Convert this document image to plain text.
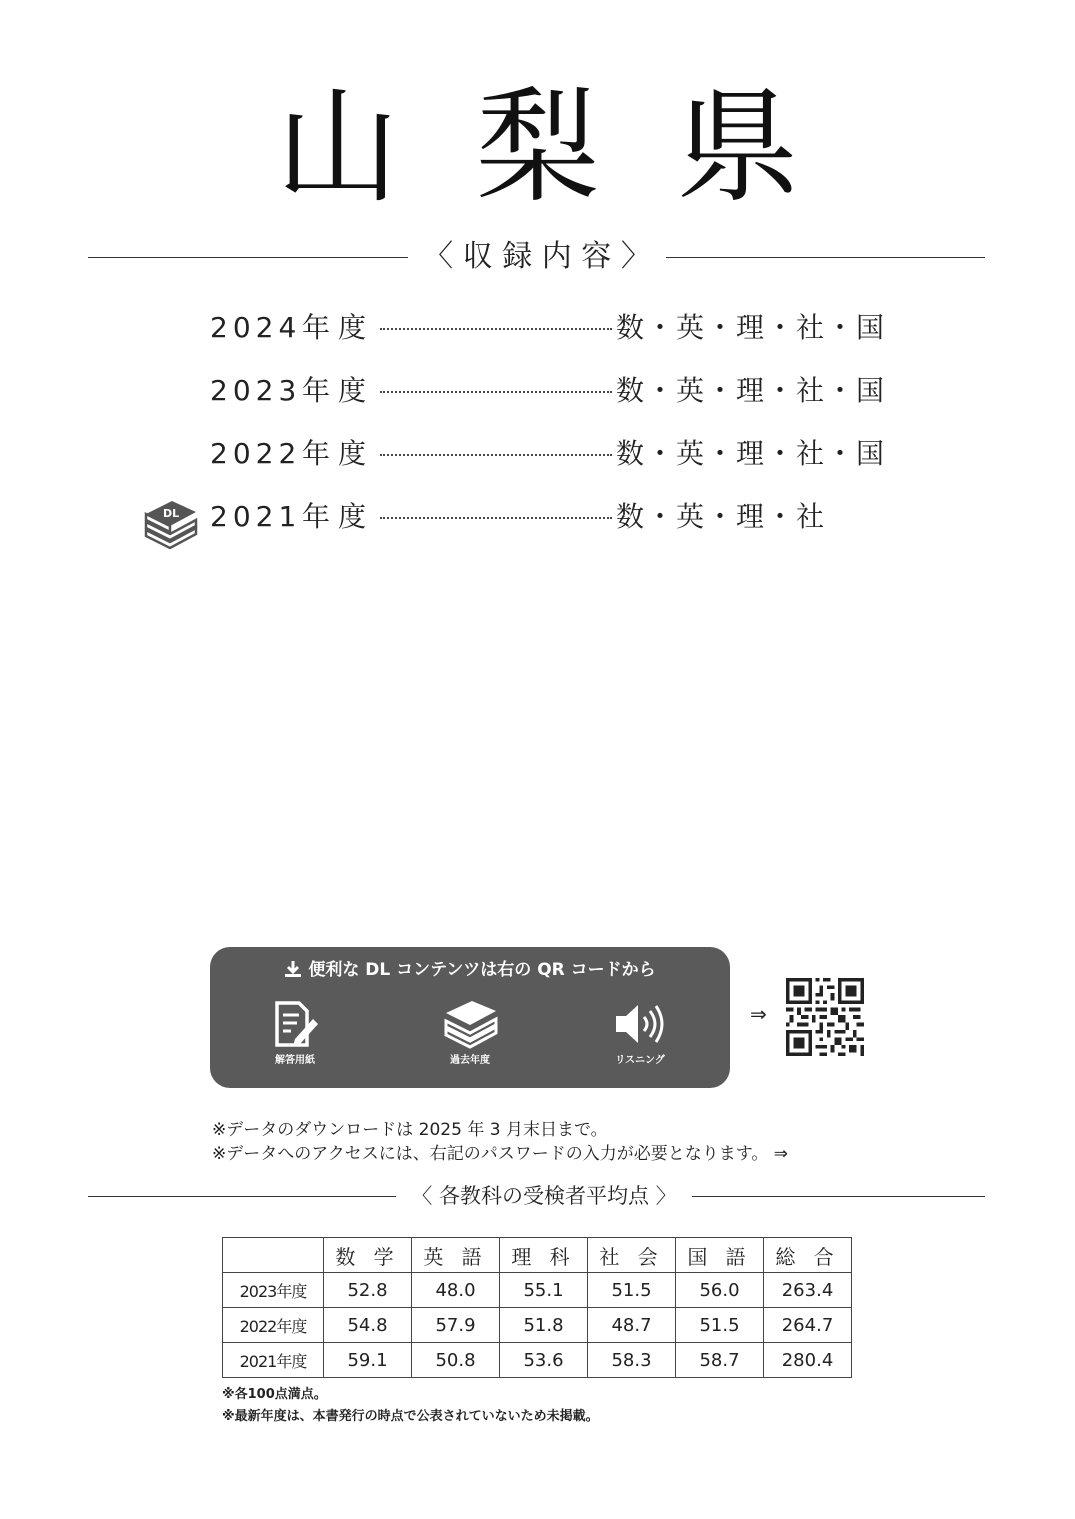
山 梨 県
〈 収 録 内 容 〉
2024 年度	数・英・理・社・国
2023 年度	数・英・理・社・国
2022 年度	数・英・理・社・国
2021 年度	数・英・理・社
DL
便利な DL コンテンツは右の QR コードから
解答用紙	過去年度	リスニング
⇒
※データのダウンロードは 2025 年 3 月末日まで。
※データへのアクセスには、右記のパスワードの入力が必要となります。 ⇒
〈 各教科の受検者平均点 〉
	数 学	英 語	理 科	社 会	国 語	総 合
2023年度	52.8	48.0	55.1	51.5	56.0	263.4
2022年度	54.8	57.9	51.8	48.7	51.5	264.7
2021年度	59.1	50.8	53.6	58.3	58.7	280.4
※各100点満点。
※最新年度は、本書発行の時点で公表されていないため未掲載。
